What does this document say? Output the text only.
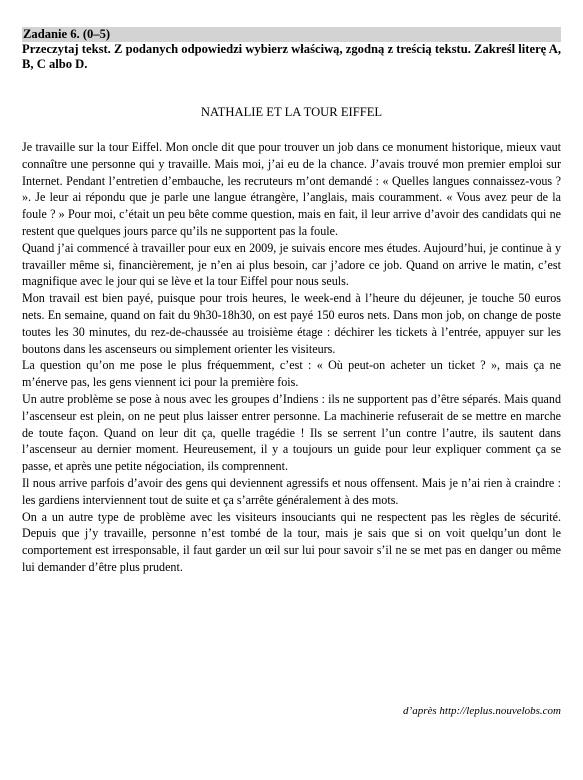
Zadanie 6. (0–5)
Przeczytaj tekst. Z podanych odpowiedzi wybierz właściwą, zgodną z treścią tekstu. Zakreśl literę A, B, C albo D.
NATHALIE ET LA TOUR EIFFEL

Je travaille sur la tour Eiffel. Mon oncle dit que pour trouver un job dans ce monument historique, mieux vaut connaître une personne qui y travaille. Mais moi, j’ai eu de la chance. J’avais trouvé mon premier emploi sur Internet. Pendant l’entretien d’embauche, les recruteurs m’ont demandé : « Quelles langues connaissez-vous ? ». Je leur ai répondu que je parle une langue étrangère, l’anglais, mais couramment. « Vous avez peur de la foule ? » Pour moi, c’était un peu bête comme question, mais en fait, il leur arrive d’avoir des candidats qui ne restent que quelques jours parce qu’ils ne supportent pas la foule.

Quand j’ai commencé à travailler pour eux en 2009, je suivais encore mes études. Aujourd’hui, je continue à y travailler même si, financièrement, je n’en ai plus besoin, car j’adore ce job. Quand on arrive le matin, c’est magnifique avec le jour qui se lève et la tour Eiffel pour nous seuls.

Mon travail est bien payé, puisque pour trois heures, le week-end à l’heure du déjeuner, je touche 50 euros nets. En semaine, quand on fait du 9h30-18h30, on est payé 150 euros nets. Dans mon job, on change de poste toutes les 30 minutes, du rez-de-chaussée au troisième étage : déchirer les tickets à l’entrée, appuyer sur les boutons dans les ascenseurs ou simplement orienter les visiteurs.

La question qu’on me pose le plus fréquemment, c’est : « Où peut-on acheter un ticket ? », mais ça ne m’énerve pas, les gens viennent ici pour la première fois.

Un autre problème se pose à nous avec les groupes d’Indiens : ils ne supportent pas d’être séparés. Mais quand l’ascenseur est plein, on ne peut plus laisser entrer personne. La machinerie refuserait de se mettre en marche de toute façon. Quand on leur dit ça, quelle tragédie ! Ils se serrent l’un contre l’autre, ils sautent dans l’ascenseur au dernier moment. Heureusement, il y a toujours un guide pour leur expliquer comment ça se passe, et après une petite négociation, ils comprennent.

Il nous arrive parfois d’avoir des gens qui deviennent agressifs et nous offensent. Mais je n’ai rien à craindre : les gardiens interviennent tout de suite et ça s’arrête généralement à des mots.

On a un autre type de problème avec les visiteurs insouciants qui ne respectent pas les règles de sécurité. Depuis que j’y travaille, personne n’est tombé de la tour, mais je sais que si on voit quelqu’un dont le comportement est irresponsable, il faut garder un œil sur lui pour savoir s’il ne se met pas en danger ou même lui demander d’être plus prudent.

d’après http://leplus.nouvelobs.com
